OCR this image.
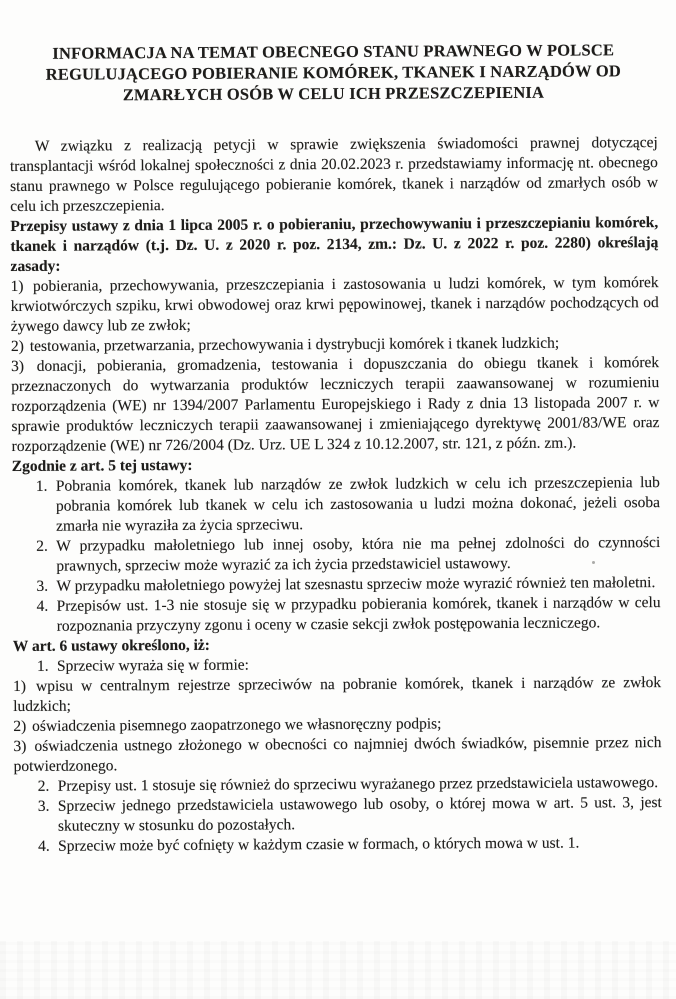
INFORMACJA NA TEMAT OBECNEGO STANU PRAWNEGO W POLSCE
REGULUJĄCEGO POBIERANIE KOMÓREK, TKANEK I NARZĄDÓW OD
ZMARŁYCH OSÓB W CELU ICH PRZESZCZEPIENIA

W związku z realizacją petycji w sprawie zwiększenia świadomości prawnej dotyczącej transplantacji wśród lokalnej społeczności z dnia 20.02.2023 r. przedstawiamy informację nt. obecnego stanu prawnego w Polsce regulującego pobieranie komórek, tkanek i narządów od zmarłych osób w celu ich przeszczepienia.

Przepisy ustawy z dnia 1 lipca 2005 r. o pobieraniu, przechowywaniu i przeszczepianiu komórek, tkanek i narządów (t.j. Dz. U. z 2020 r. poz. 2134, zm.: Dz. U. z 2022 r. poz. 2280) określają zasady:

1) pobierania, przechowywania, przeszczepiania i zastosowania u ludzi komórek, w tym komórek krwiotwórczych szpiku, krwi obwodowej oraz krwi pępowinowej, tkanek i narządów pochodzących od żywego dawcy lub ze zwłok;

2) testowania, przetwarzania, przechowywania i dystrybucji komórek i tkanek ludzkich;

3) donacji, pobierania, gromadzenia, testowania i dopuszczania do obiegu tkanek i komórek przeznaczonych do wytwarzania produktów leczniczych terapii zaawansowanej w rozumieniu rozporządzenia (WE) nr 1394/2007 Parlamentu Europejskiego i Rady z dnia 13 listopada 2007 r. w sprawie produktów leczniczych terapii zaawansowanej i zmieniającego dyrektywę 2001/83/WE oraz rozporządzenie (WE) nr 726/2004 (Dz. Urz. UE L 324 z 10.12.2007, str. 121, z późn. zm.).

Zgodnie z art. 5 tej ustawy:

1. Pobrania komórek, tkanek lub narządów ze zwłok ludzkich w celu ich przeszczepienia lub pobrania komórek lub tkanek w celu ich zastosowania u ludzi można dokonać, jeżeli osoba zmarła nie wyraziła za życia sprzeciwu.
2. W przypadku małoletniego lub innej osoby, która nie ma pełnej zdolności do czynności prawnych, sprzeciw może wyrazić za ich życia przedstawiciel ustawowy.
3. W przypadku małoletniego powyżej lat szesnastu sprzeciw może wyrazić również ten małoletni.
4. Przepisów ust. 1-3 nie stosuje się w przypadku pobierania komórek, tkanek i narządów w celu rozpoznania przyczyny zgonu i oceny w czasie sekcji zwłok postępowania leczniczego.

W art. 6 ustawy określono, iż:

1. Sprzeciw wyraża się w formie:

1) wpisu w centralnym rejestrze sprzeciwów na pobranie komórek, tkanek i narządów ze zwłok ludzkich;

2) oświadczenia pisemnego zaopatrzonego we własnoręczny podpis;

3) oświadczenia ustnego złożonego w obecności co najmniej dwóch świadków, pisemnie przez nich potwierdzonego.

2. Przepisy ust. 1 stosuje się również do sprzeciwu wyrażanego przez przedstawiciela ustawowego.
3. Sprzeciw jednego przedstawiciela ustawowego lub osoby, o której mowa w art. 5 ust. 3, jest skuteczny w stosunku do pozostałych.
4. Sprzeciw może być cofnięty w każdym czasie w formach, o których mowa w ust. 1.
